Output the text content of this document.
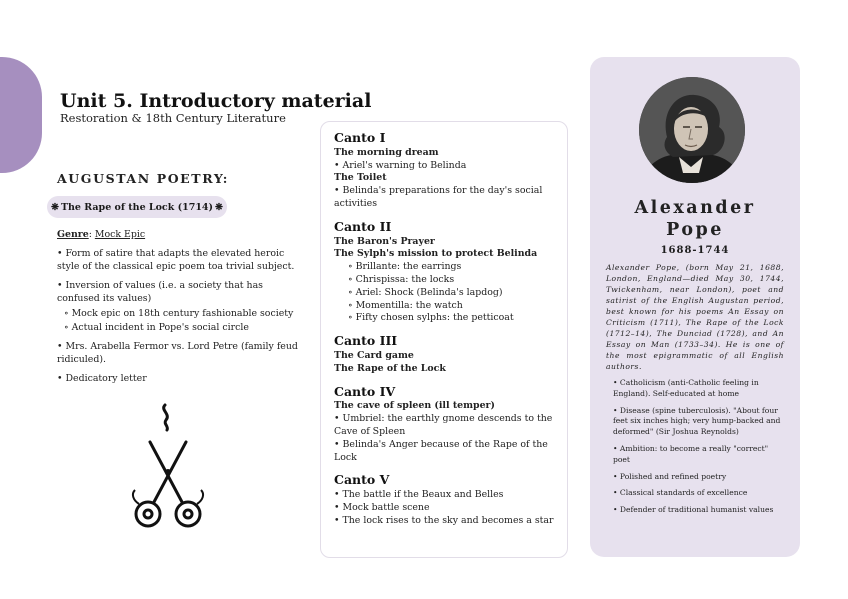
Unit 5. Introductory material

Restoration & 18th Century Literature

AUGUSTAN POETRY:
❋ The Rape of the Lock (1714) ❋

Genre: Mock Epic

• Form of satire that adapts the elevated heroic style of the classical epic poem toa trivial subject.

• Inversion of values (i.e. a society that has confused its values)

∘ Mock epic on 18th century fashionable society

∘ Actual incident in Pope's social circle

• Mrs. Arabella Fermor vs. Lord Petre (family feud ridiculed).

• Dedicatory letter

Canto I

The morning dream

• Ariel's warning to Belinda

The Toilet

• Belinda's preparations for the day's social activities

Canto II

The Baron's Prayer

The Sylph's mission to protect Belinda

∘ Brillante: the earrings

∘ Chrispissa: the locks

∘ Ariel: Shock (Belinda's lapdog)

∘ Momentilla: the watch

∘ Fifty chosen sylphs: the petticoat

Canto III

The Card game

The Rape of the Lock

Canto IV

The cave of spleen (ill temper)

• Umbriel: the earthly gnome descends to the Cave of Spleen

• Belinda's Anger because of the Rape of the Lock

Canto V

• The battle if the Beaux and Belles

• Mock battle scene

• The lock rises to the sky and becomes a star

Alexander
Pope

1688-1744

Alexander Pope, (born May 21, 1688, London, England—died May 30, 1744, Twickenham, near London), poet and satirist of the English Augustan period, best known for his poems An Essay on Criticism (1711), The Rape of the Lock (1712–14), The Dunciad (1728), and An Essay on Man (1733–34). He is one of the most epigrammatic of all English authors.

• Catholicism (anti-Catholic feeling in England). Self-educated at home

• Disease (spine tuberculosis). "About four feet six inches high; very hump-backed and deformed" (Sir Joshua Reynolds)

• Ambition: to become a really "correct" poet

• Polished and refined poetry

• Classical standards of excellence

• Defender of traditional humanist values
